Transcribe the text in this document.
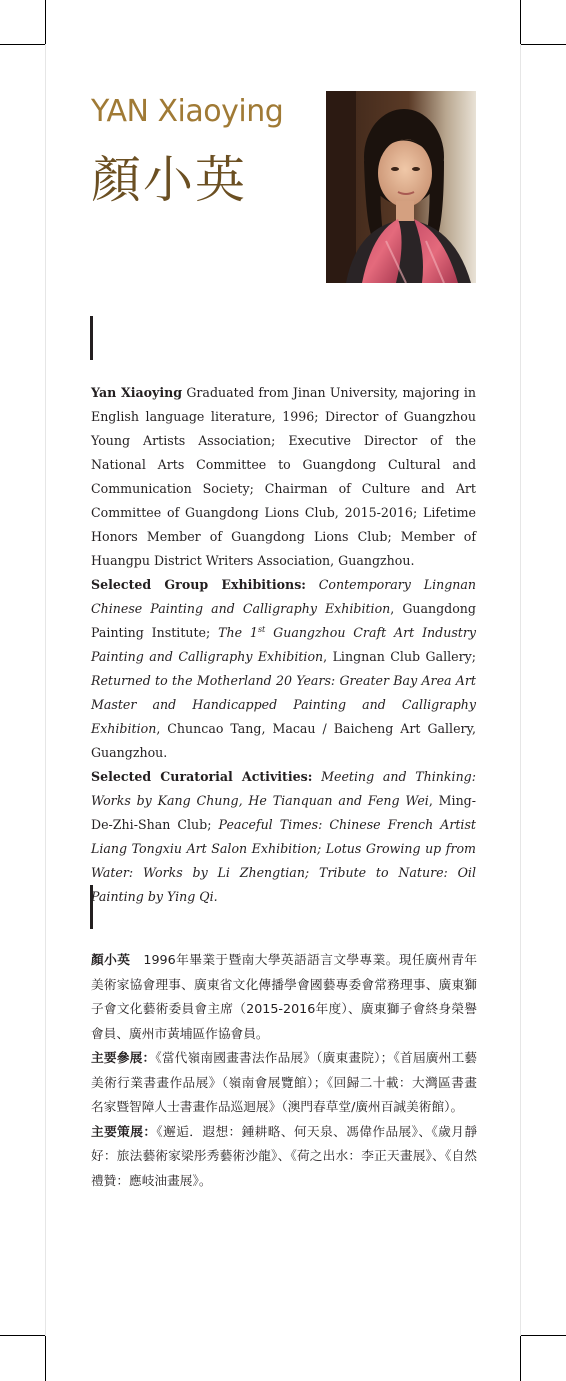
YAN Xiaoying
顏小英

Yan Xiaoying Graduated from Jinan University, majoring in English language literature, 1996; Director of Guangzhou Young Artists Association; Executive Director of the National Arts Committee to Guangdong Cultural and Communication Society; Chairman of Culture and Art Committee of Guangdong Lions Club, 2015-2016; Lifetime Honors Member of Guangdong Lions Club; Member of Huangpu District Writers Association, Guangzhou.

Selected Group Exhibitions: Contemporary Lingnan Chinese Painting and Calligraphy Exhibition, Guangdong Painting Institute; The 1st Guangzhou Craft Art Industry Painting and Calligraphy Exhibition, Lingnan Club Gallery; Returned to the Motherland 20 Years: Greater Bay Area Art Master and Handicapped Painting and Calligraphy Exhibition, Chuncao Tang, Macau / Baicheng Art Gallery, Guangzhou.

Selected Curatorial Activities: Meeting and Thinking: Works by Kang Chung, He Tianquan and Feng Wei, Ming-De-Zhi-Shan Club; Peaceful Times: Chinese French Artist Liang Tongxiu Art Salon Exhibition; Lotus Growing up from Water: Works by Li Zhengtian; Tribute to Nature: Oil Painting by Ying Qi.

顏小英　1996年畢業于暨南大學英語語言文學專業。現任廣州青年美術家協會理事、廣東省文化傳播學會國藝專委會常務理事、廣東獅子會文化藝術委員會主席（2015-2016年度）、廣東獅子會終身榮譽會員、廣州市黃埔區作協會員。

主要參展：《當代嶺南國畫書法作品展》（廣東畫院）；《首屆廣州工藝美術行業書畫作品展》（嶺南會展覽館）；《回歸二十載：大灣區書畫名家暨智障人士書畫作品巡迴展》（澳門春草堂/廣州百誠美術館）。

主要策展：《邂逅．遐想：鍾耕略、何天泉、馮偉作品展》、《歲月靜好：旅法藝術家梁彤秀藝術沙龍》、《荷之出水：李正天畫展》、《自然禮贊：應岐油畫展》。
